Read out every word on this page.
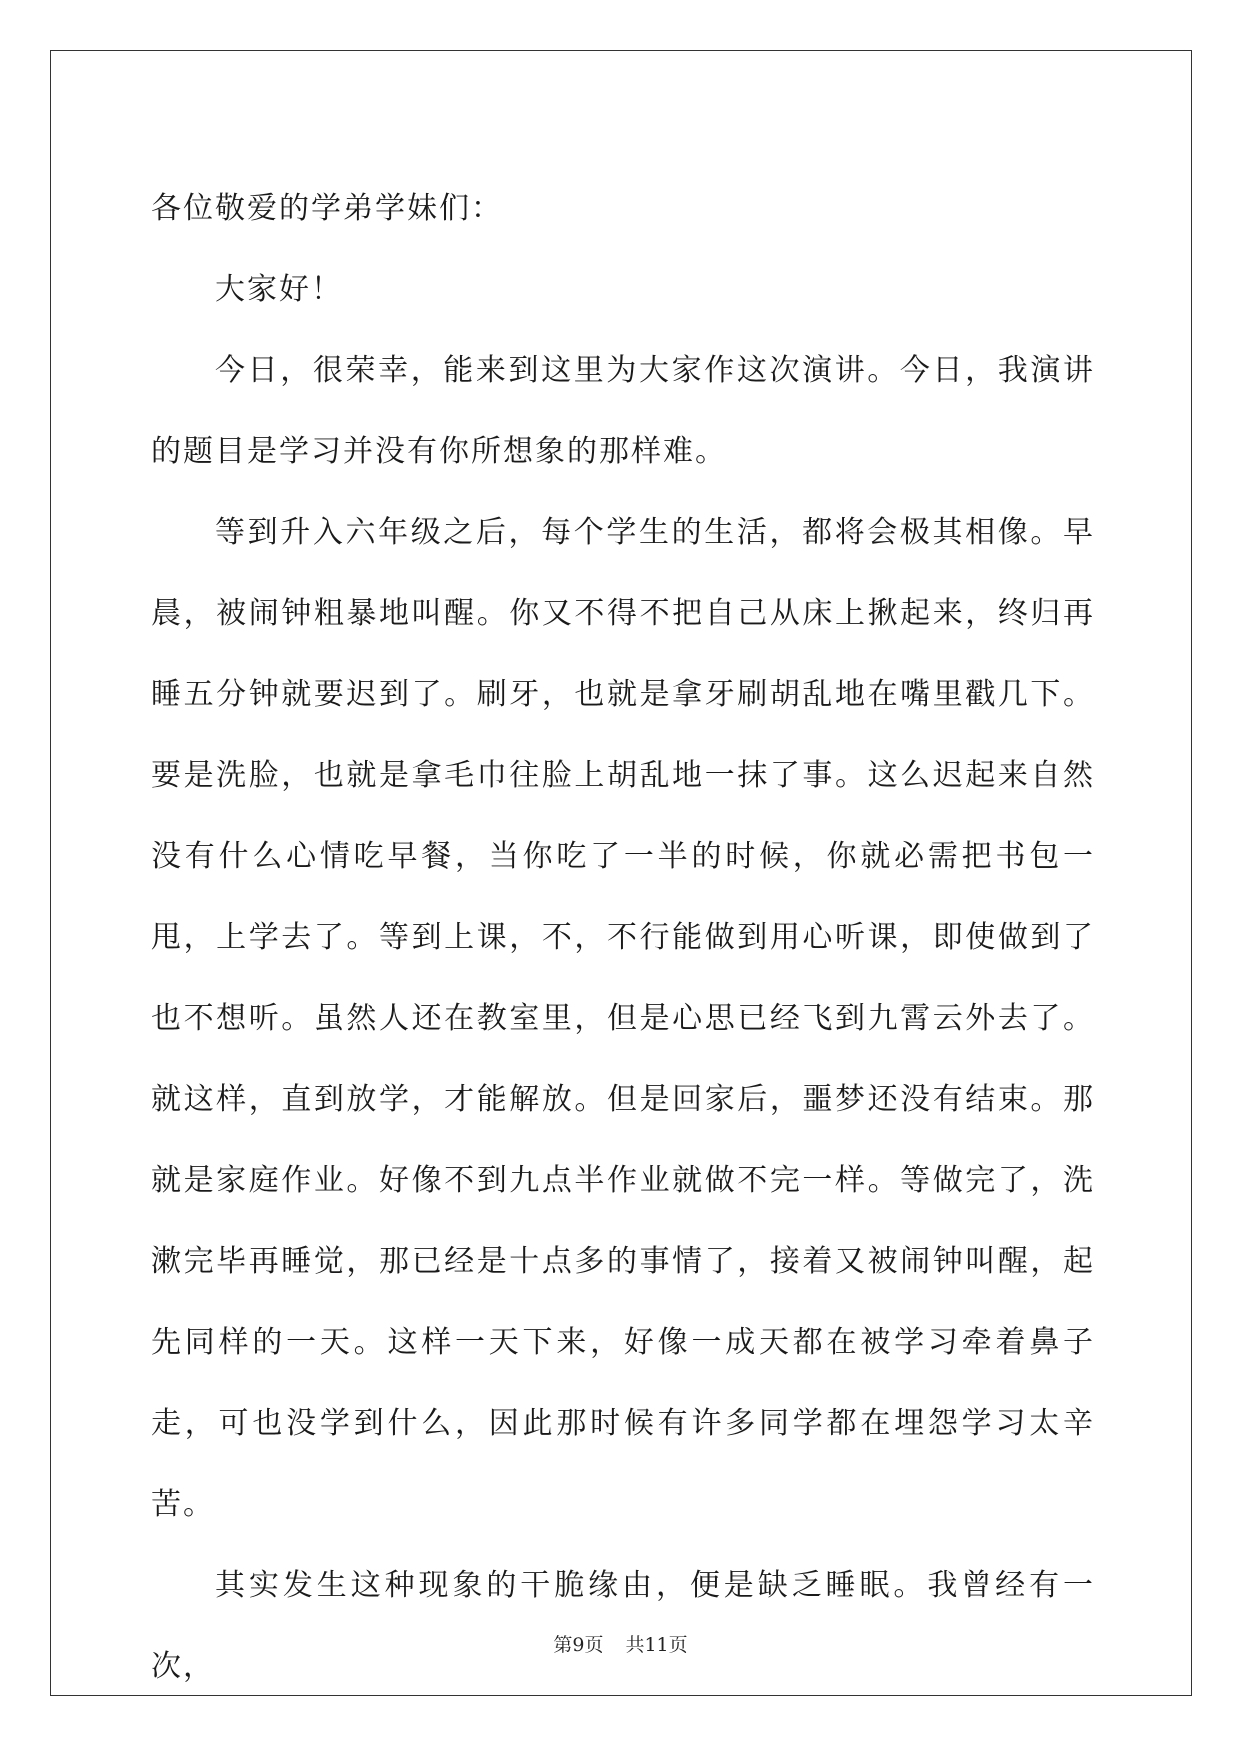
各位敬爱的学弟学妹们：

大家好！

今日，很荣幸，能来到这里为大家作这次演讲。今日，我演讲的题目是学习并没有你所想象的那样难。

等到升入六年级之后，每个学生的生活，都将会极其相像。早晨，被闹钟粗暴地叫醒。你又不得不把自己从床上揪起来，终归再睡五分钟就要迟到了。刷牙，也就是拿牙刷胡乱地在嘴里戳几下。要是洗脸，也就是拿毛巾往脸上胡乱地一抹了事。这么迟起来自然没有什么心情吃早餐，当你吃了一半的时候，你就必需把书包一甩，上学去了。等到上课，不，不行能做到用心听课，即使做到了也不想听。虽然人还在教室里，但是心思已经飞到九霄云外去了。就这样，直到放学，才能解放。但是回家后，噩梦还没有结束。那就是家庭作业。好像不到九点半作业就做不完一样。等做完了，洗漱完毕再睡觉，那已经是十点多的事情了，接着又被闹钟叫醒，起先同样的一天。这样一天下来，好像一成天都在被学习牵着鼻子走，可也没学到什么，因此那时候有许多同学都在埋怨学习太辛苦。

其实发生这种现象的干脆缘由，便是缺乏睡眠。我曾经有一次，

第9页 共11页
